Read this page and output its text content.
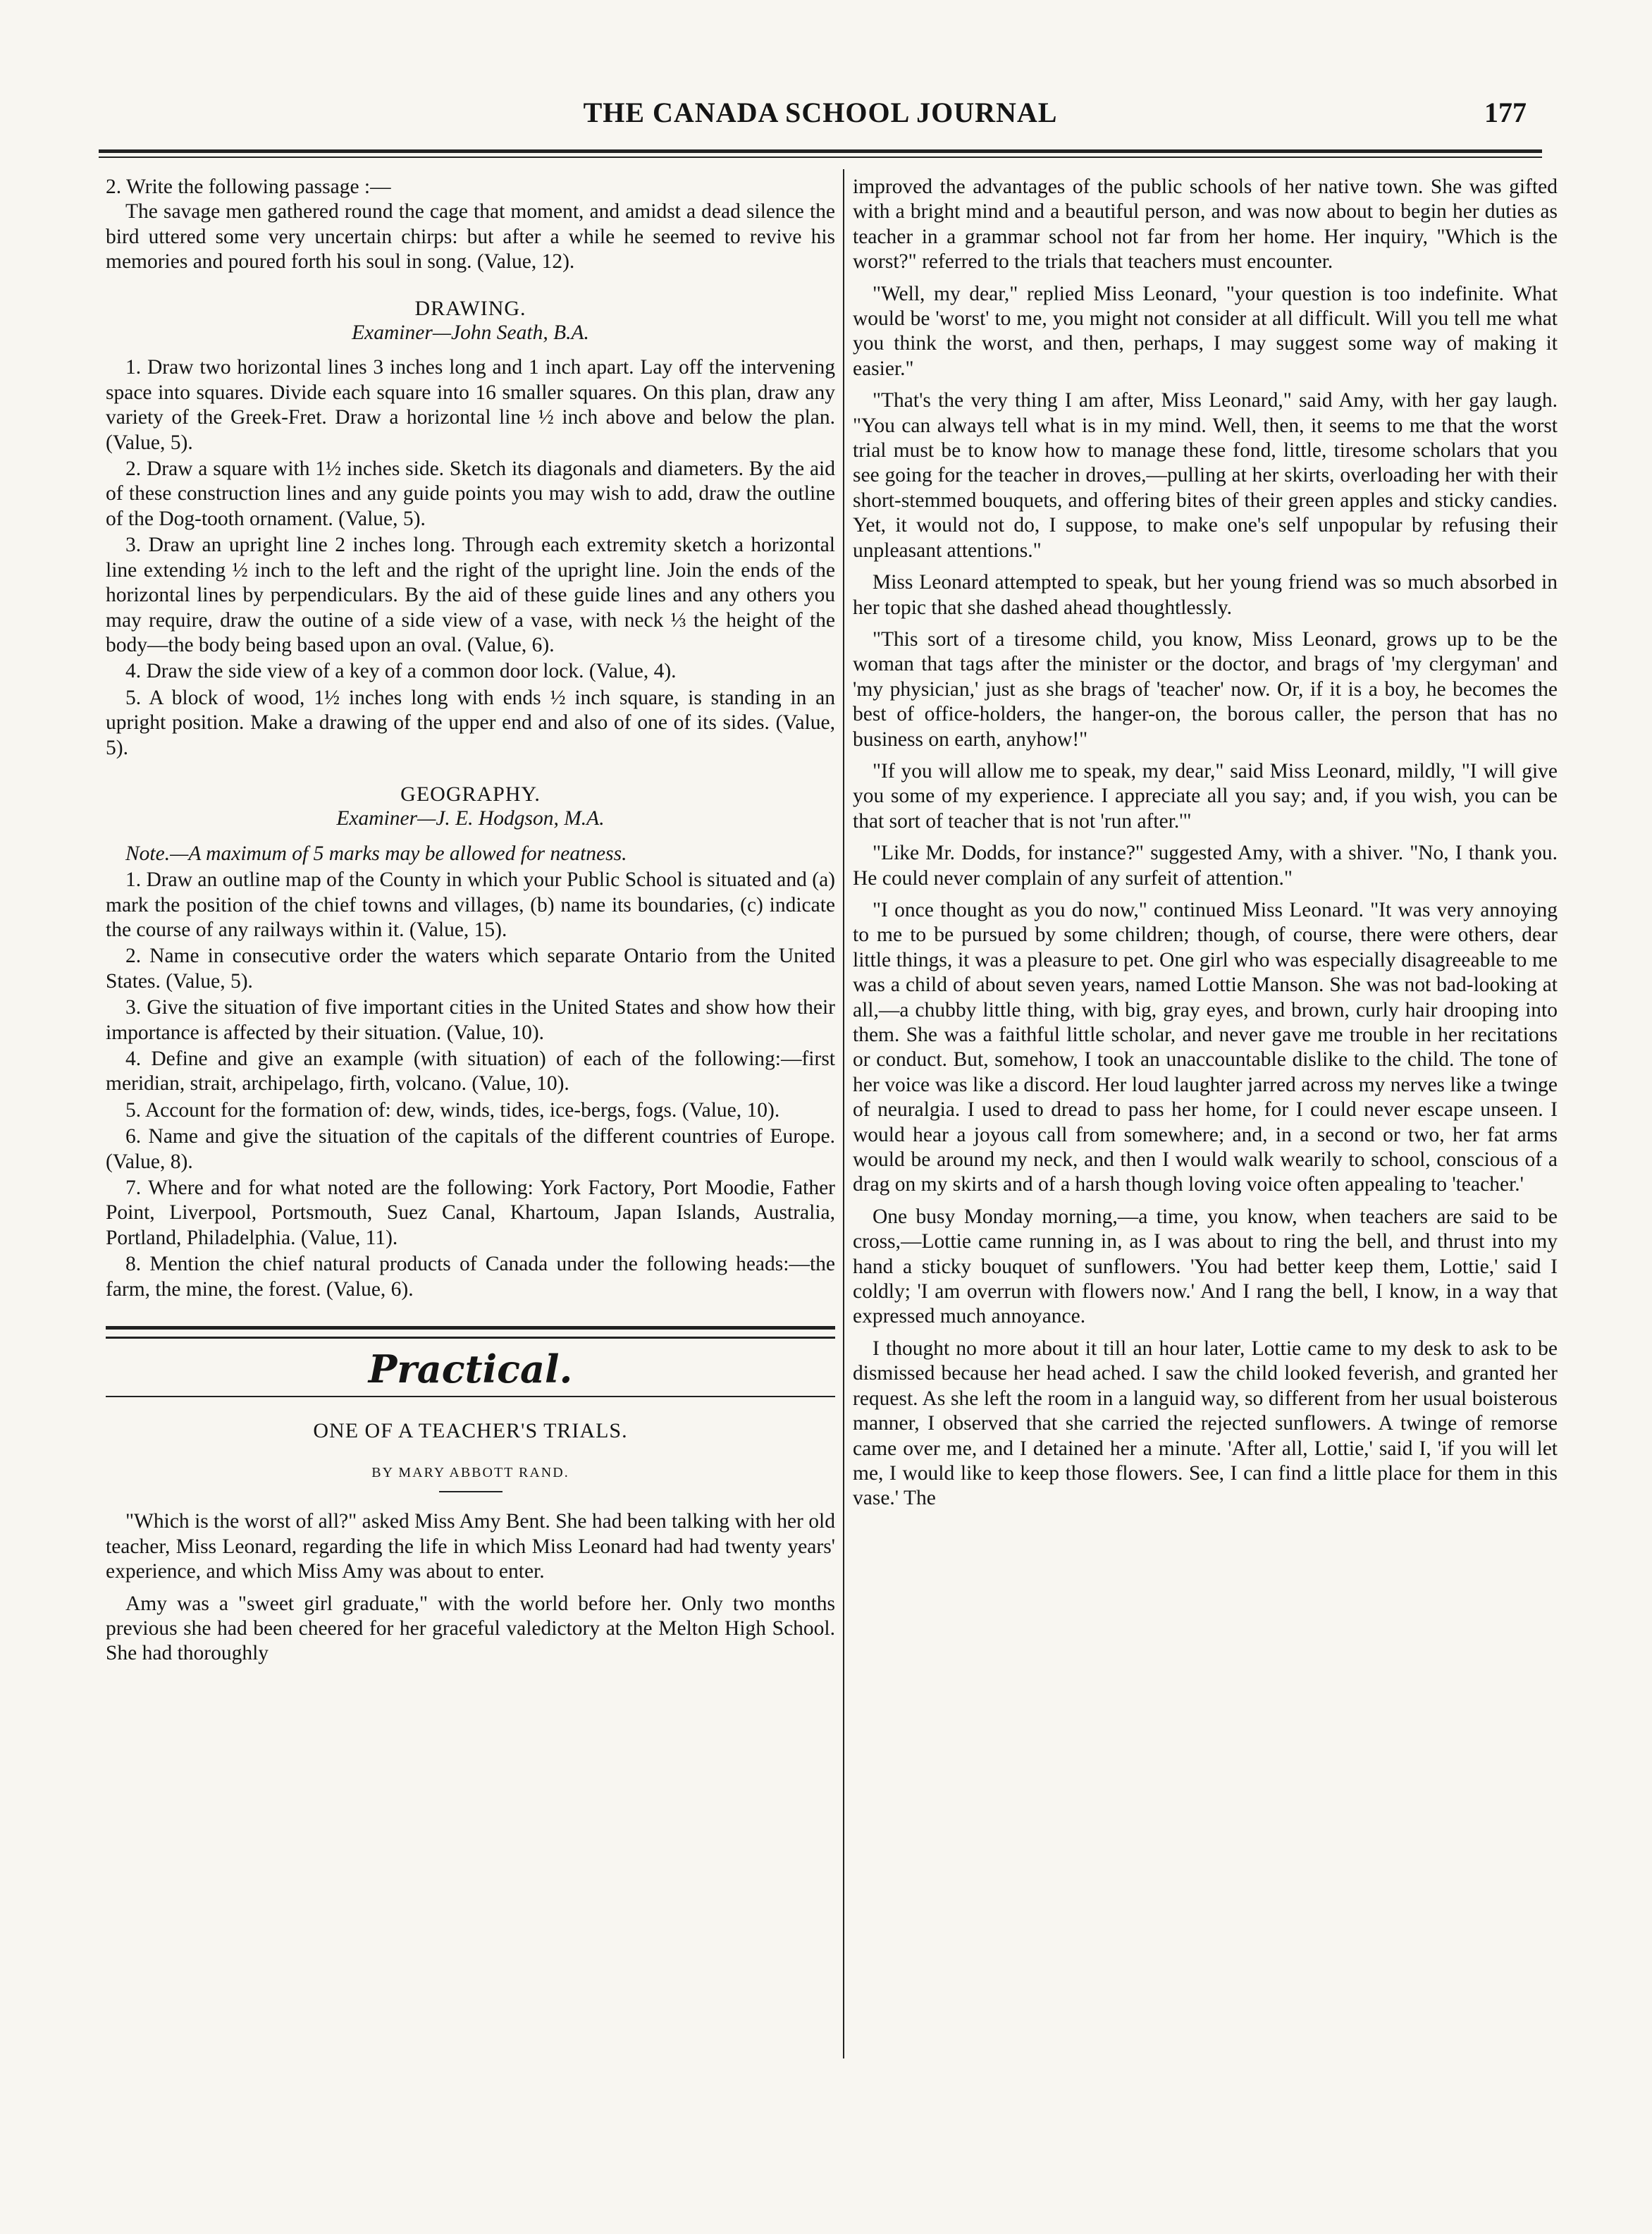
THE CANADA SCHOOL JOURNAL	177

2. Write the following passage :—

The savage men gathered round the cage that moment, and amidst a dead silence the bird uttered some very uncertain chirps: but after a while he seemed to revive his memories and poured forth his soul in song. (Value, 12).

DRAWING.

Examiner—John Seath, B.A.

1. Draw two horizontal lines 3 inches long and 1 inch apart. Lay off the intervening space into squares. Divide each square into 16 smaller squares. On this plan, draw any variety of the Greek-Fret. Draw a horizontal line ½ inch above and below the plan. (Value, 5).

2. Draw a square with 1½ inches side. Sketch its diagonals and diameters. By the aid of these construction lines and any guide points you may wish to add, draw the outline of the Dog-tooth ornament. (Value, 5).

3. Draw an upright line 2 inches long. Through each extremity sketch a horizontal line extending ½ inch to the left and the right of the upright line. Join the ends of the horizontal lines by perpendiculars. By the aid of these guide lines and any others you may require, draw the outine of a side view of a vase, with neck ⅓ the height of the body—the body being based upon an oval. (Value, 6).

4. Draw the side view of a key of a common door lock. (Value, 4).

5. A block of wood, 1½ inches long with ends ½ inch square, is standing in an upright position. Make a drawing of the upper end and also of one of its sides. (Value, 5).

GEOGRAPHY.

Examiner—J. E. Hodgson, M.A.

Note.—A maximum of 5 marks may be allowed for neatness.

1. Draw an outline map of the County in which your Public School is situated and (a) mark the position of the chief towns and villages, (b) name its boundaries, (c) indicate the course of any railways within it. (Value, 15).

2. Name in consecutive order the waters which separate Ontario from the United States. (Value, 5).

3. Give the situation of five important cities in the United States and show how their importance is affected by their situation. (Value, 10).

4. Define and give an example (with situation) of each of the following:—first meridian, strait, archipelago, firth, volcano. (Value, 10).

5. Account for the formation of: dew, winds, tides, ice-bergs, fogs. (Value, 10).

6. Name and give the situation of the capitals of the different countries of Europe. (Value, 8).

7. Where and for what noted are the following: York Factory, Port Moodie, Father Point, Liverpool, Portsmouth, Suez Canal, Khartoum, Japan Islands, Australia, Portland, Philadelphia. (Value, 11).

8. Mention the chief natural products of Canada under the following heads:—the farm, the mine, the forest. (Value, 6).

Practical.

ONE OF A TEACHER'S TRIALS.

BY MARY ABBOTT RAND.

"Which is the worst of all?" asked Miss Amy Bent. She had been talking with her old teacher, Miss Leonard, regarding the life in which Miss Leonard had had twenty years' experience, and which Miss Amy was about to enter.

Amy was a "sweet girl graduate," with the world before her. Only two months previous she had been cheered for her graceful valedictory at the Melton High School. She had thoroughly

improved the advantages of the public schools of her native town. She was gifted with a bright mind and a beautiful person, and was now about to begin her duties as teacher in a grammar school not far from her home. Her inquiry, "Which is the worst?" referred to the trials that teachers must encounter.

"Well, my dear," replied Miss Leonard, "your question is too indefinite. What would be 'worst' to me, you might not consider at all difficult. Will you tell me what you think the worst, and then, perhaps, I may suggest some way of making it easier."

"That's the very thing I am after, Miss Leonard," said Amy, with her gay laugh. "You can always tell what is in my mind. Well, then, it seems to me that the worst trial must be to know how to manage these fond, little, tiresome scholars that you see going for the teacher in droves,—pulling at her skirts, overloading her with their short-stemmed bouquets, and offering bites of their green apples and sticky candies. Yet, it would not do, I suppose, to make one's self unpopular by refusing their unpleasant attentions."

Miss Leonard attempted to speak, but her young friend was so much absorbed in her topic that she dashed ahead thoughtlessly.

"This sort of a tiresome child, you know, Miss Leonard, grows up to be the woman that tags after the minister or the doctor, and brags of 'my clergyman' and 'my physician,' just as she brags of 'teacher' now. Or, if it is a boy, he becomes the best of office-holders, the hanger-on, the borous caller, the person that has no business on earth, anyhow!"

"If you will allow me to speak, my dear," said Miss Leonard, mildly, "I will give you some of my experience. I appreciate all you say; and, if you wish, you can be that sort of teacher that is not 'run after.'"

"Like Mr. Dodds, for instance?" suggested Amy, with a shiver. "No, I thank you. He could never complain of any surfeit of attention."

"I once thought as you do now," continued Miss Leonard. "It was very annoying to me to be pursued by some children; though, of course, there were others, dear little things, it was a pleasure to pet. One girl who was especially disagreeable to me was a child of about seven years, named Lottie Manson. She was not bad-looking at all,—a chubby little thing, with big, gray eyes, and brown, curly hair drooping into them. She was a faithful little scholar, and never gave me trouble in her recitations or conduct. But, somehow, I took an unaccountable dislike to the child. The tone of her voice was like a discord. Her loud laughter jarred across my nerves like a twinge of neuralgia. I used to dread to pass her home, for I could never escape unseen. I would hear a joyous call from somewhere; and, in a second or two, her fat arms would be around my neck, and then I would walk wearily to school, conscious of a drag on my skirts and of a harsh though loving voice often appealing to 'teacher.'

One busy Monday morning,—a time, you know, when teachers are said to be cross,—Lottie came running in, as I was about to ring the bell, and thrust into my hand a sticky bouquet of sunflowers. 'You had better keep them, Lottie,' said I coldly; 'I am overrun with flowers now.' And I rang the bell, I know, in a way that expressed much annoyance.

I thought no more about it till an hour later, Lottie came to my desk to ask to be dismissed because her head ached. I saw the child looked feverish, and granted her request. As she left the room in a languid way, so different from her usual boisterous manner, I observed that she carried the rejected sunflowers. A twinge of remorse came over me, and I detained her a minute. 'After all, Lottie,' said I, 'if you will let me, I would like to keep those flowers. See, I can find a little place for them in this vase.' The
